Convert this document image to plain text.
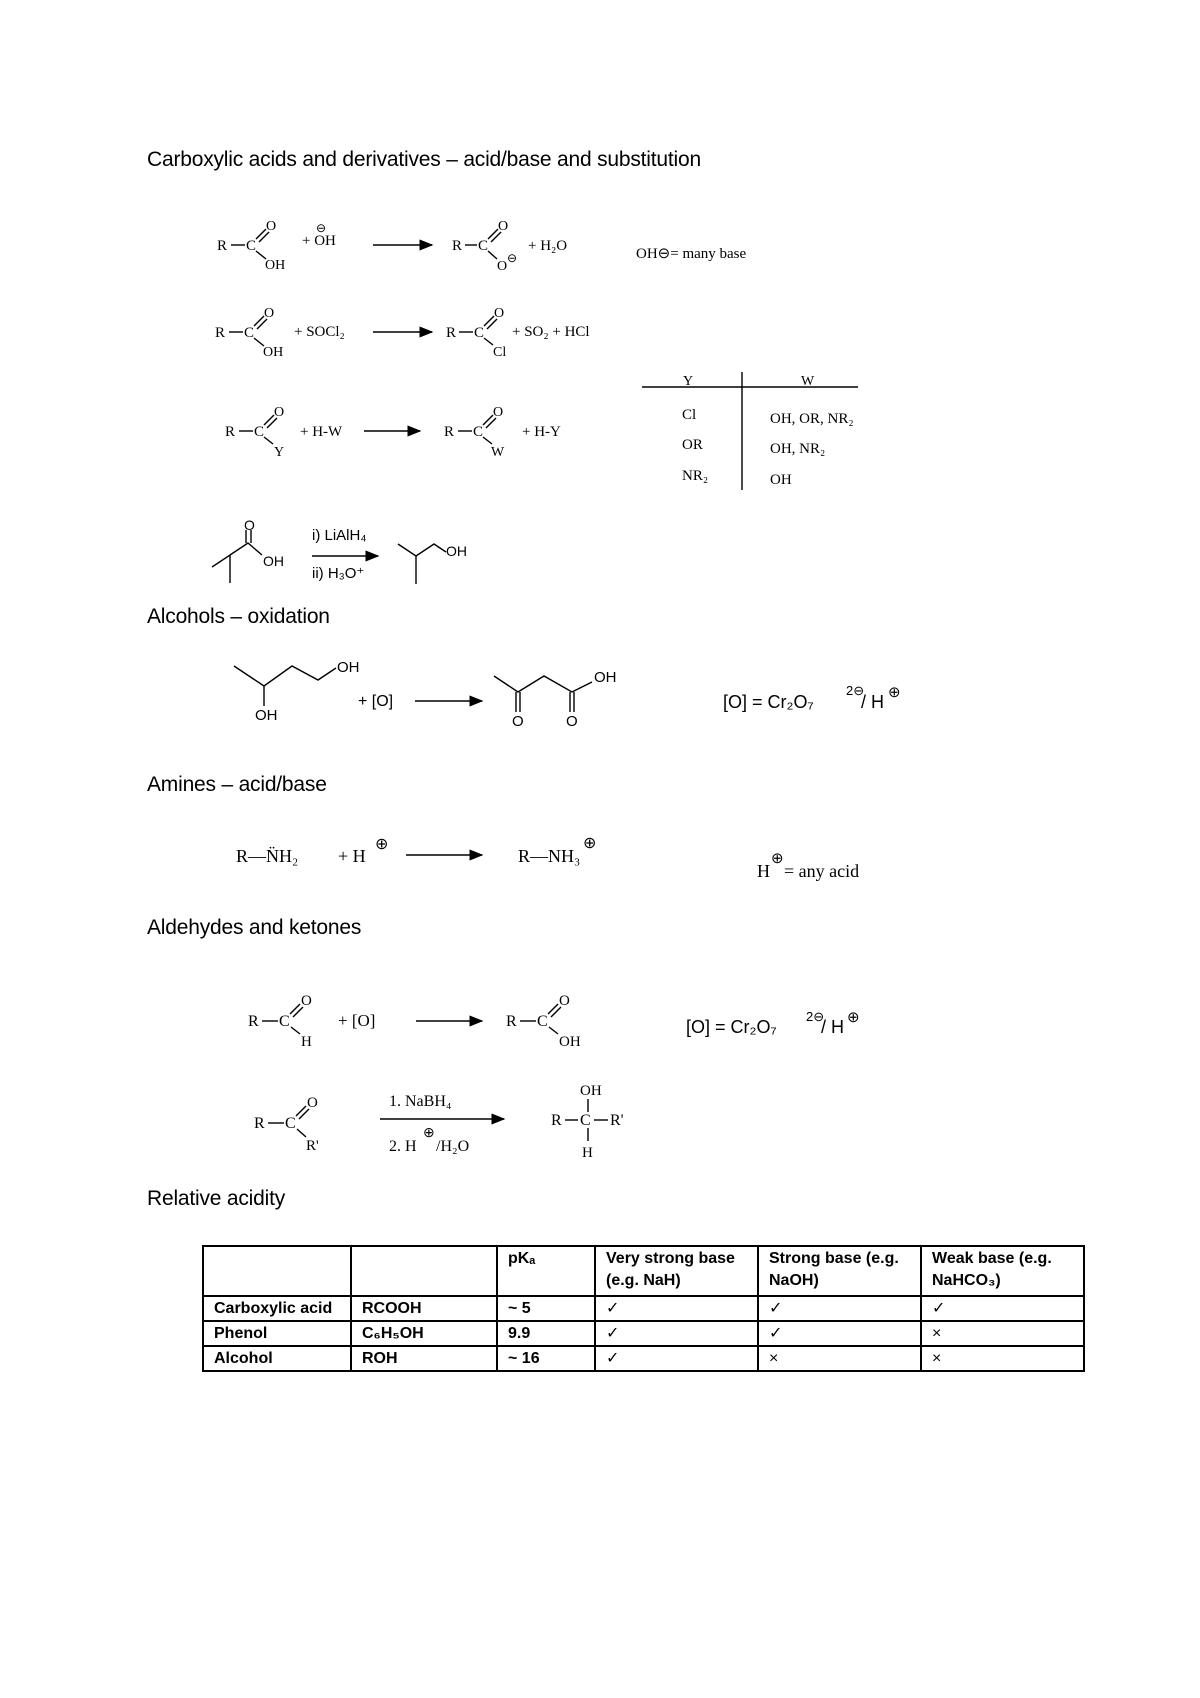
Carboxylic acids and derivatives – acid/base and substitution
Alcohols – oxidation
Amines – acid/base
Aldehydes and ketones
Relative acidity
R C
O
OH
+ OH
⊖
R C
O
O
⊖
+ H₂O	OH⊖= many base
R C
O
OH
+ SOCl₂	R C
O
Cl
+ SO₂ + HCl
R C
O
Y
+ H-W	R C
O
W
+ H-Y
Y	W
Cl	OH, OR, NR₂
OR	OH, NR₂
NR₂	OH
O
OH
i) LiAlH₄
ii) H₃O⁺
OH
OH
OH
+ [O]
O	O
OH
[O] = Cr₂O₇
2⊖
/ H ⊕
R—N̈H₂ + H
⊕
R—NH₃
⊕
H
⊕
= any acid
R C
O
H
+ [O]	R C
O
OH
[O] = Cr₂O₇
2⊖
/ H ⊕
R C
O
R'
1. NaBH₄
2. H
⊕
/H₂O
OH
R C R'
H
		pKₐ	Very strong base (e.g. NaH)	Strong base (e.g. NaOH)	Weak base (e.g. NaHCO₃)
Carboxylic acid	RCOOH	~ 5	✓	✓	✓
Phenol	C₆H₅OH	9.9	✓	✓	×
Alcohol	ROH	~ 16	✓	×	×
